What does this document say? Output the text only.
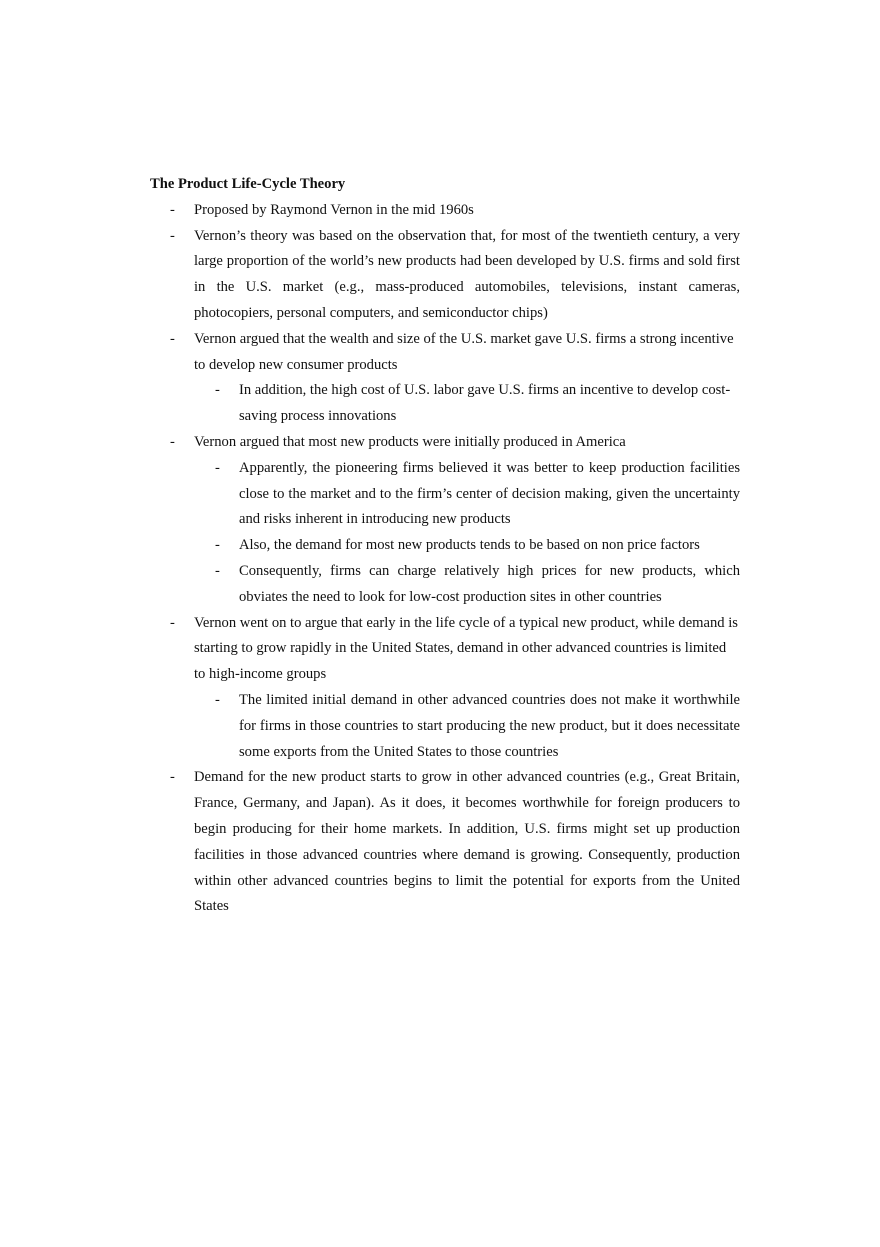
The Product Life-Cycle Theory

- Proposed by Raymond Vernon in the mid 1960s
- Vernon’s theory was based on the observation that, for most of the twentieth century, a very large proportion of the world’s new products had been developed by U.S. firms and sold first in the U.S. market (e.g., mass-produced automobiles, televisions, instant cameras, photocopiers, personal computers, and semiconductor chips)
- Vernon argued that the wealth and size of the U.S. market gave U.S. firms a strong incentive to develop new consumer products
- In addition, the high cost of U.S. labor gave U.S. firms an incentive to develop cost-saving process innovations
- Vernon argued that most new products were initially produced in America
- Apparently, the pioneering firms believed it was better to keep production facilities close to the market and to the firm’s center of decision making, given the uncertainty and risks inherent in introducing new products
- Also, the demand for most new products tends to be based on non price factors
- Consequently, firms can charge relatively high prices for new products, which obviates the need to look for low-cost production sites in other countries
- Vernon went on to argue that early in the life cycle of a typical new product, while demand is starting to grow rapidly in the United States, demand in other advanced countries is limited to high-income groups
- The limited initial demand in other advanced countries does not make it worthwhile for firms in those countries to start producing the new product, but it does necessitate some exports from the United States to those countries
- Demand for the new product starts to grow in other advanced countries (e.g., Great Britain, France, Germany, and Japan). As it does, it becomes worthwhile for foreign producers to begin producing for their home markets. In addition, U.S. firms might set up production facilities in those advanced countries where demand is growing. Consequently, production within other advanced countries begins to limit the potential for exports from the United States
